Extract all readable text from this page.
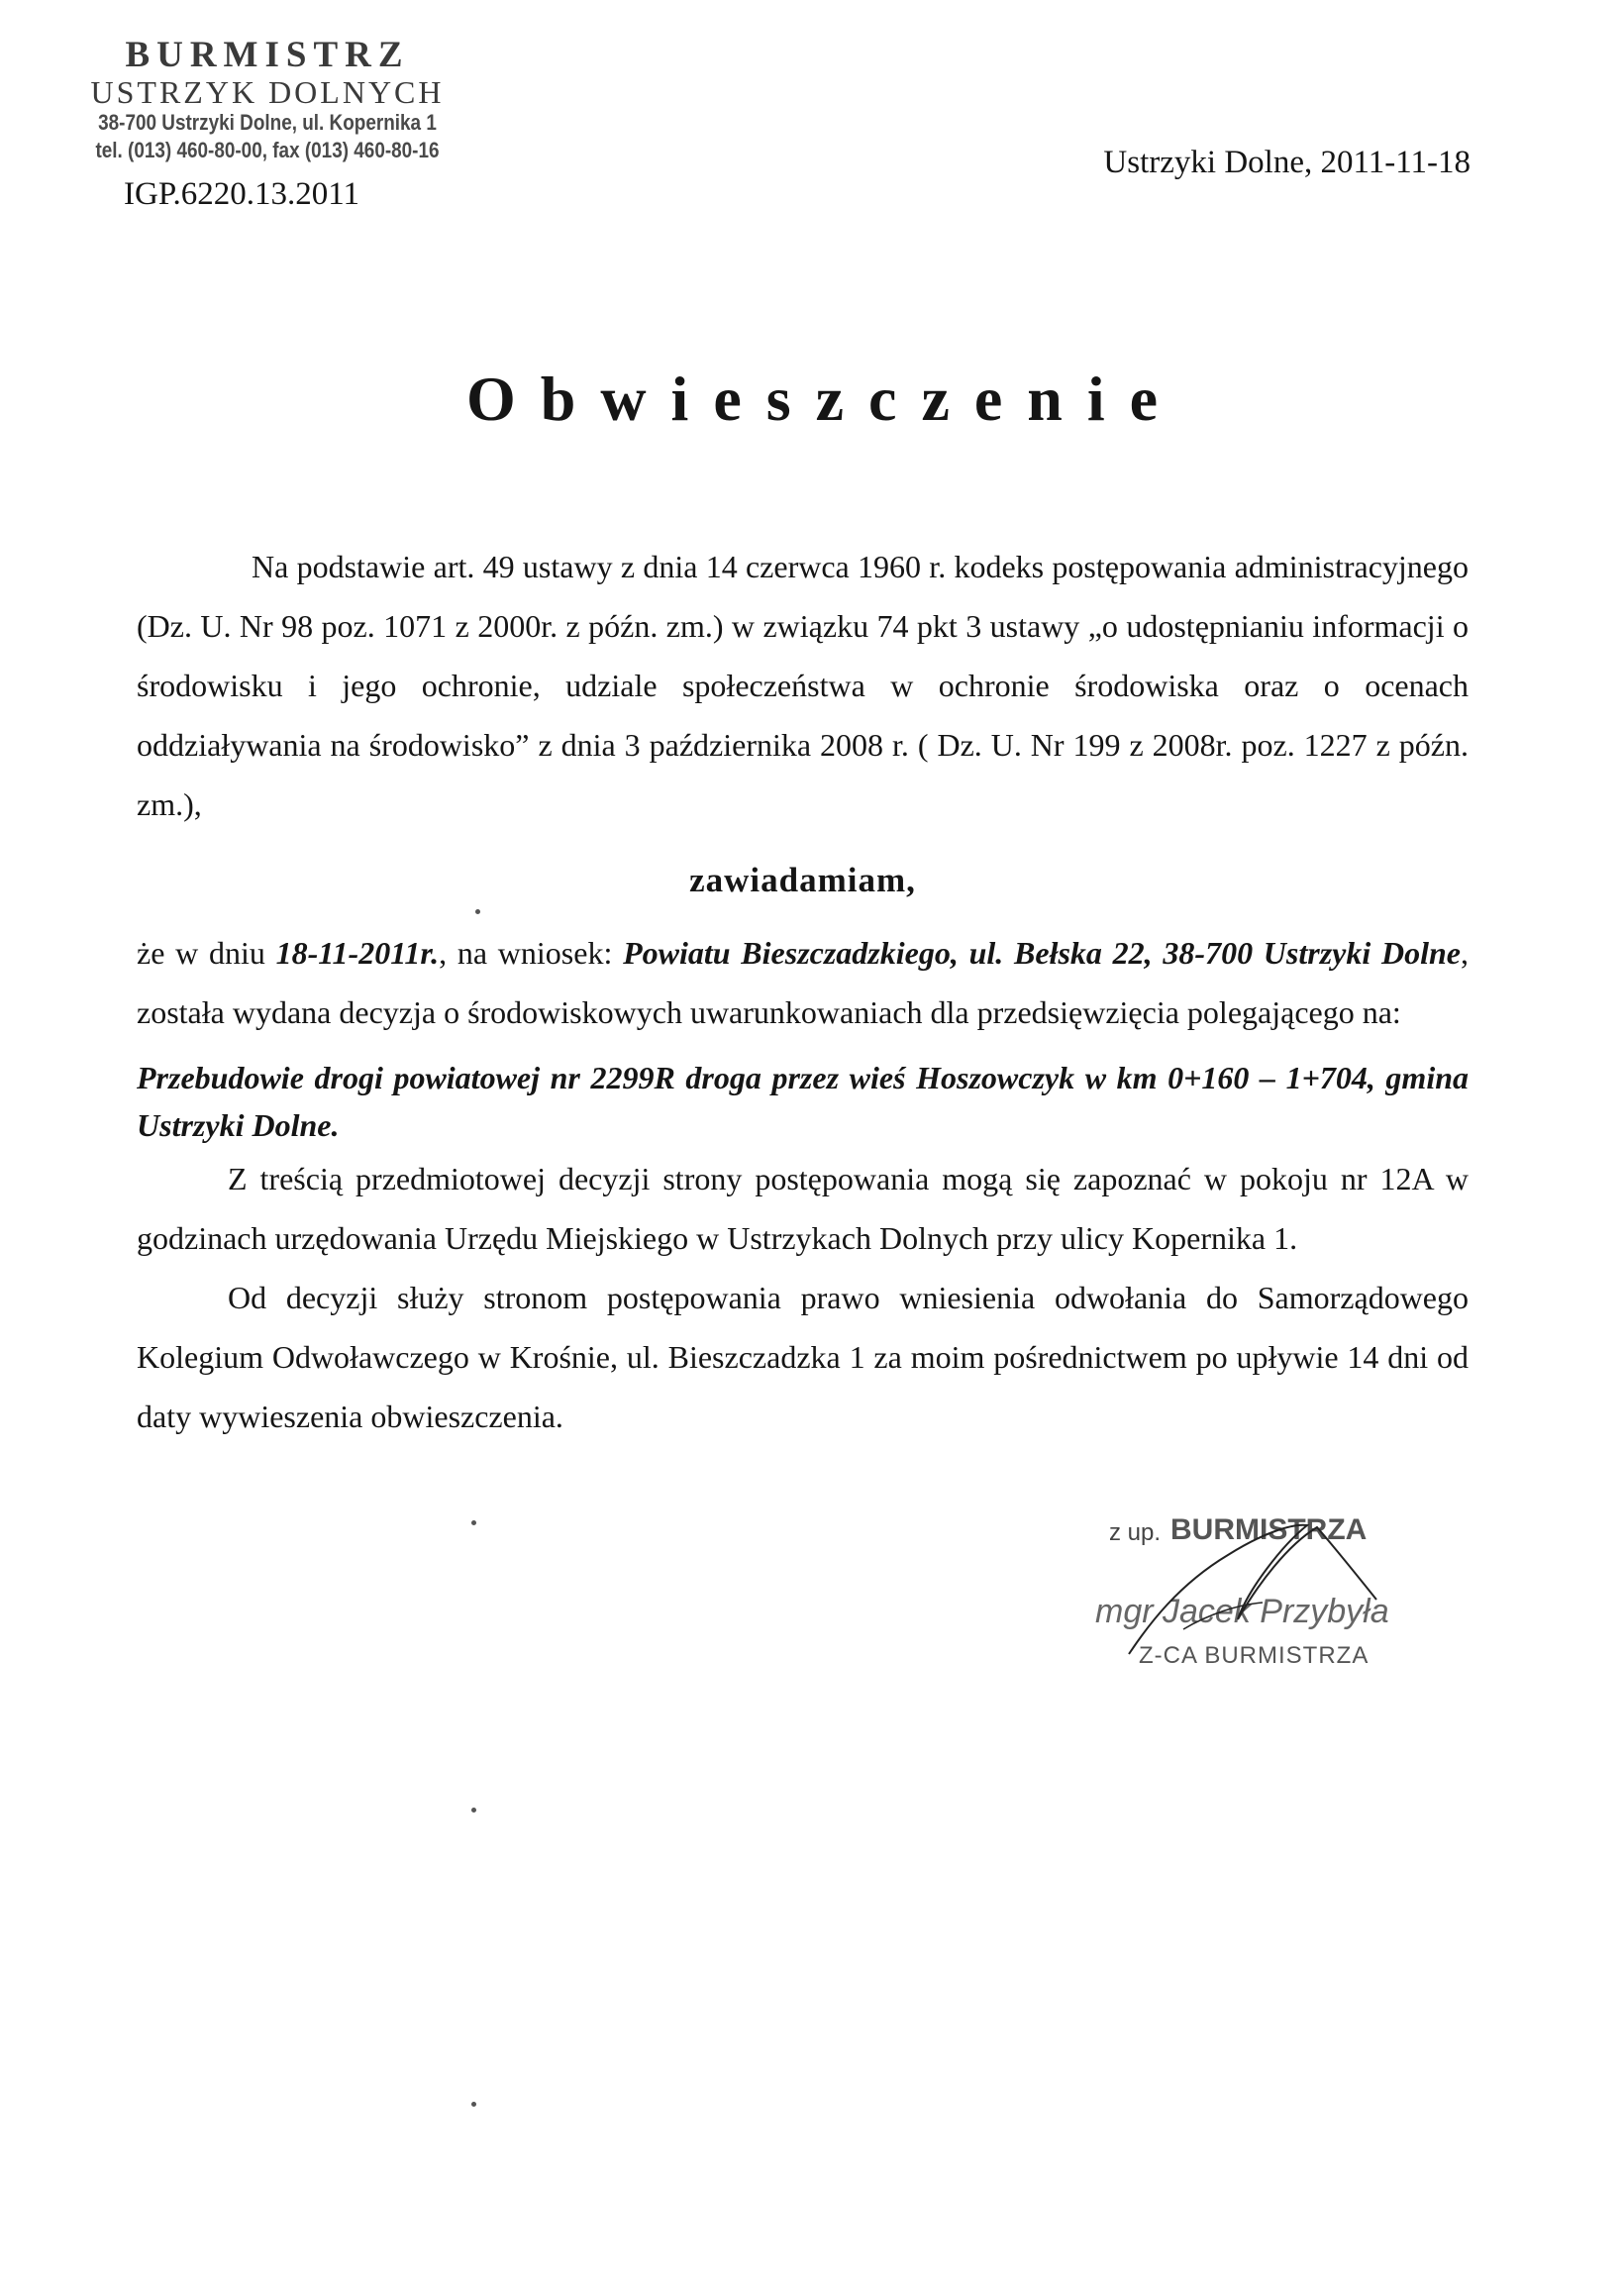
BURMISTRZ
USTRZYK DOLNYCH
38-700 Ustrzyki Dolne, ul. Kopernika 1
tel. (013) 460-80-00, fax (013) 460-80-16	Ustrzyki Dolne, 2011-11-18
IGP.6220.13.2011
Obwieszczenie

Na podstawie art. 49 ustawy z dnia 14 czerwca 1960 r. kodeks postępowania administracyjnego (Dz. U. Nr 98 poz. 1071 z 2000r. z późn. zm.) w związku 74 pkt 3 ustawy „o udostępnianiu informacji o środowisku i jego ochronie, udziale społeczeństwa w ochronie środowiska oraz o ocenach oddziaływania na środowisko” z dnia 3 października 2008 r. ( Dz. U. Nr 199 z 2008r. poz. 1227 z późn. zm.),

zawiadamiam,

że w dniu 18-11-2011r., na wniosek: Powiatu Bieszczadzkiego, ul. Bełska 22, 38-700 Ustrzyki Dolne, została wydana decyzja o środowiskowych uwarunkowaniach dla przedsięwzięcia polegającego na:

Przebudowie drogi powiatowej nr 2299R droga przez wieś Hoszowczyk w km 0+160 – 1+704, gmina Ustrzyki Dolne.

Z treścią przedmiotowej decyzji strony postępowania mogą się zapoznać w pokoju nr 12A w godzinach urzędowania Urzędu Miejskiego w Ustrzykach Dolnych przy ulicy Kopernika 1.

Od decyzji służy stronom postępowania prawo wniesienia odwołania do Samorządowego Kolegium Odwoławczego w Krośnie, ul. Bieszczadzka 1 za moim pośrednictwem po upływie 14 dni od daty wywieszenia obwieszczenia.

z up. BURMISTRZA
mgr Jacek Przybyła
Z-CA BURMISTRZA
